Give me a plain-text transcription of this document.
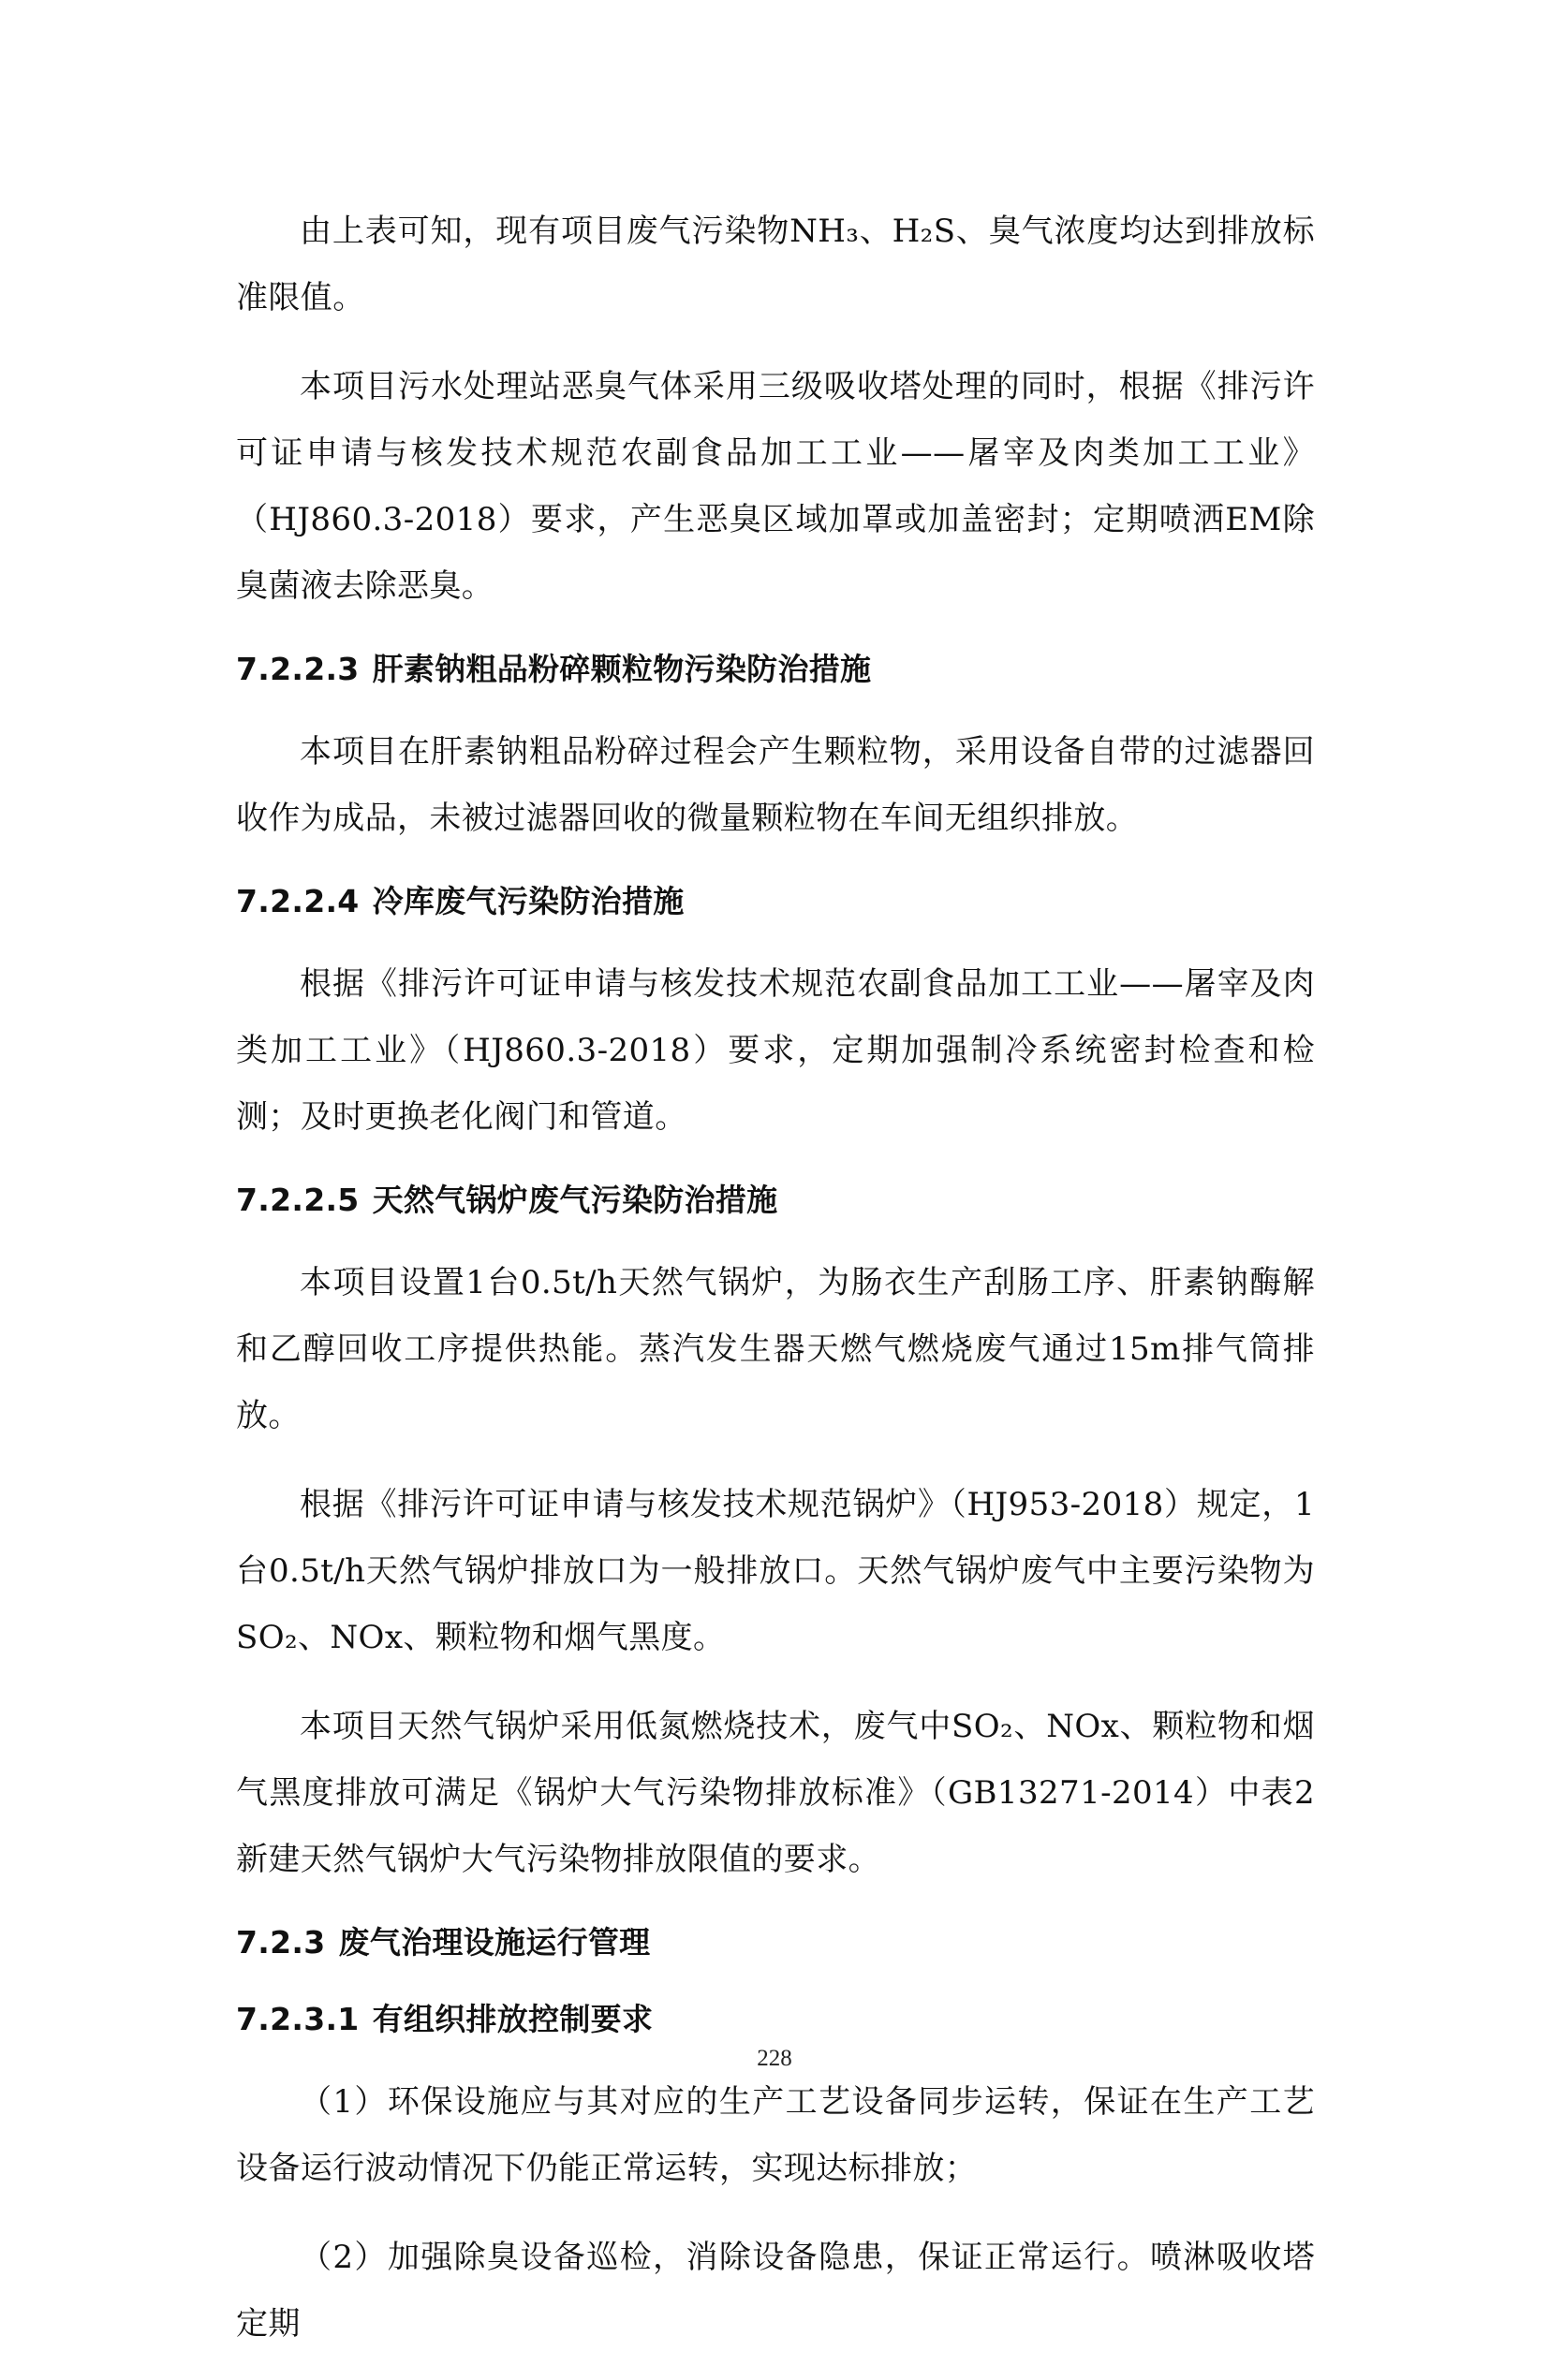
由上表可知，现有项目废气污染物NH₃、H₂S、臭气浓度均达到排放标准限值。

本项目污水处理站恶臭气体采用三级吸收塔处理的同时，根据《排污许可证申请与核发技术规范农副食品加工工业——屠宰及肉类加工工业》（HJ860.3-2018）要求，产生恶臭区域加罩或加盖密封；定期喷洒EM除臭菌液去除恶臭。

7.2.2.3 肝素钠粗品粉碎颗粒物污染防治措施

本项目在肝素钠粗品粉碎过程会产生颗粒物，采用设备自带的过滤器回收作为成品，未被过滤器回收的微量颗粒物在车间无组织排放。

7.2.2.4 冷库废气污染防治措施

根据《排污许可证申请与核发技术规范农副食品加工工业——屠宰及肉类加工工业》（HJ860.3-2018）要求，定期加强制冷系统密封检查和检测；及时更换老化阀门和管道。

7.2.2.5 天然气锅炉废气污染防治措施

本项目设置1台0.5t/h天然气锅炉，为肠衣生产刮肠工序、肝素钠酶解和乙醇回收工序提供热能。蒸汽发生器天燃气燃烧废气通过15m排气筒排放。

根据《排污许可证申请与核发技术规范锅炉》（HJ953-2018）规定，1台0.5t/h天然气锅炉排放口为一般排放口。天然气锅炉废气中主要污染物为SO₂、NOx、颗粒物和烟气黑度。

本项目天然气锅炉采用低氮燃烧技术，废气中SO₂、NOx、颗粒物和烟气黑度排放可满足《锅炉大气污染物排放标准》（GB13271-2014）中表2新建天然气锅炉大气污染物排放限值的要求。

7.2.3 废气治理设施运行管理
7.2.3.1 有组织排放控制要求

（1）环保设施应与其对应的生产工艺设备同步运转，保证在生产工艺设备运行波动情况下仍能正常运转，实现达标排放；

（2）加强除臭设备巡检，消除设备隐患，保证正常运行。喷淋吸收塔定期

228
